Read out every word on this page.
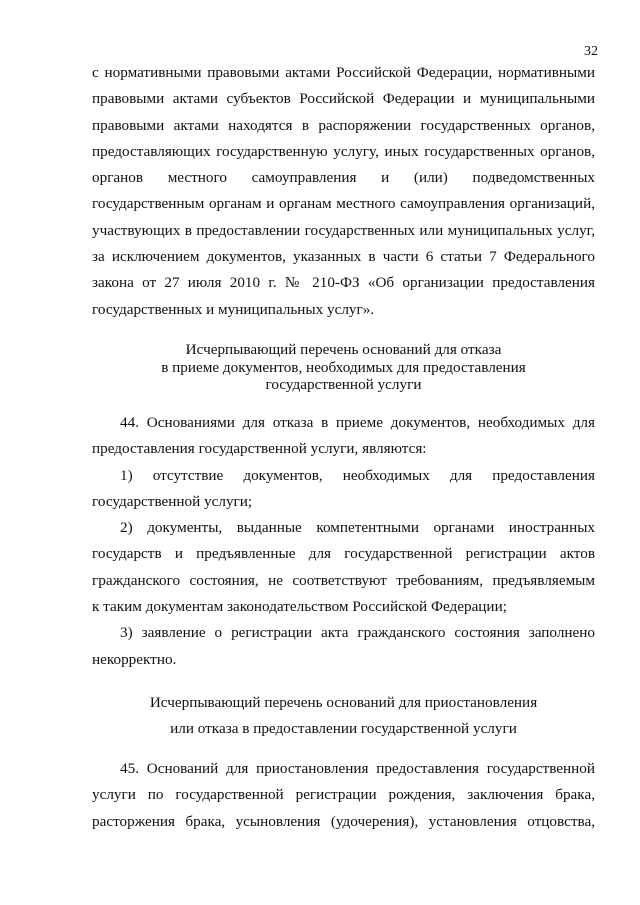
32
с нормативными правовыми актами Российской Федерации, нормативными
правовыми актами субъектов Российской Федерации и муниципальными
правовыми актами находятся в распоряжении государственных органов,
предоставляющих государственную услугу, иных государственных органов,
органов местного самоуправления и (или) подведомственных
государственным органам и органам местного самоуправления организаций,
участвующих в предоставлении государственных или муниципальных услуг,
за исключением документов, указанных в части 6 статьи 7 Федерального
закона от 27 июля 2010 г. № 210-ФЗ «Об организации предоставления
государственных и муниципальных услуг».
Исчерпывающий перечень оснований для отказа
в приеме документов, необходимых для предоставления
государственной услуги
44. Основаниями для отказа в приеме документов, необходимых для
предоставления государственной услуги, являются:
1) отсутствие документов, необходимых для предоставления
государственной услуги;
2) документы, выданные компетентными органами иностранных
государств и предъявленные для государственной регистрации актов
гражданского состояния, не соответствуют требованиям, предъявляемым
к таким документам законодательством Российской Федерации;
3) заявление о регистрации акта гражданского состояния заполнено
некорректно.
Исчерпывающий перечень оснований для приостановления
или отказа в предоставлении государственной услуги
45. Оснований для приостановления предоставления государственной
услуги по государственной регистрации рождения, заключения брака,
расторжения брака, усыновления (удочерения), установления отцовства,
